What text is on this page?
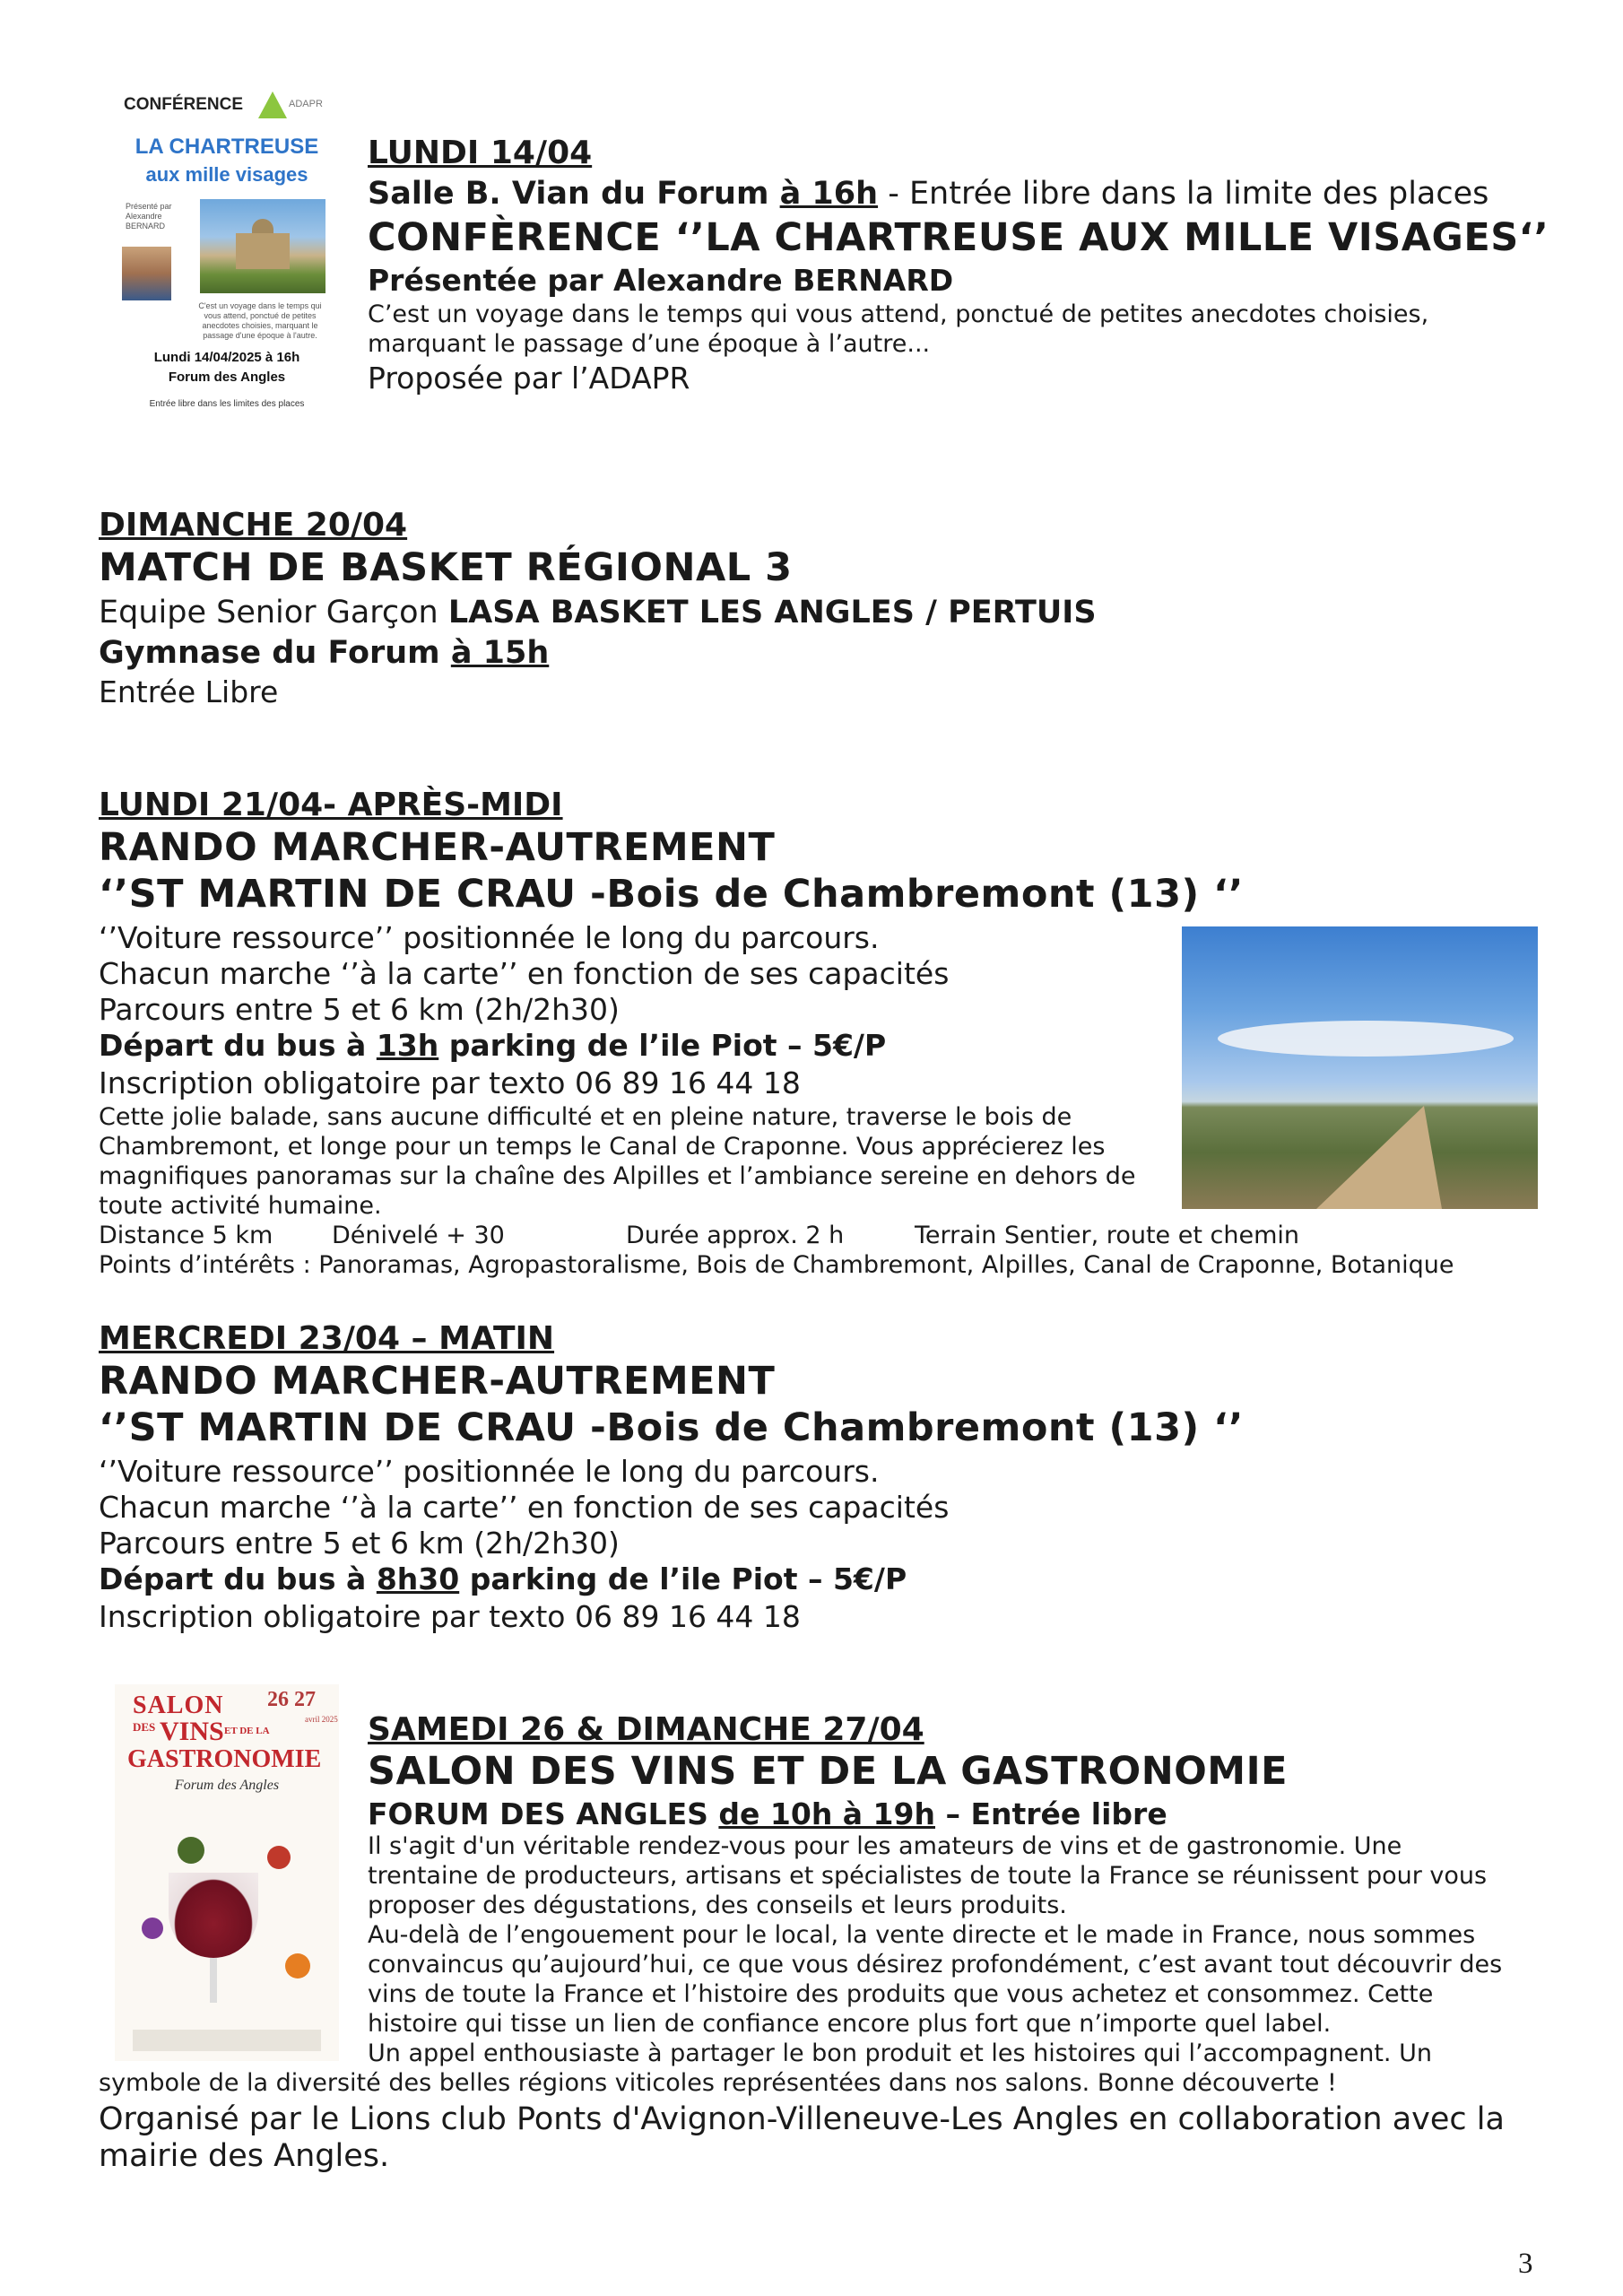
CONFÉRENCE	ADAPR
LA CHARTREUSE
aux mille visages
Présenté par Alexandre BERNARD
C'est un voyage dans le temps qui vous attend, ponctué de petites anecdotes choisies, marquant le passage d'une époque à l'autre.
Lundi 14/04/2025 à 16h
Forum des Angles
Entrée libre dans les limites des places
LUNDI 14/04
Salle B. Vian du Forum à 16h - Entrée libre dans la limite des places
CONFÈRENCE ‘’LA CHARTREUSE AUX MILLE VISAGES‘’
Présentée par Alexandre BERNARD
C’est un voyage dans le temps qui vous attend, ponctué de petites anecdotes choisies,
marquant le passage d’une époque à l’autre...
Proposée par l’ADAPR
DIMANCHE 20/04
MATCH DE BASKET RÉGIONAL 3
Equipe Senior Garçon LASA BASKET LES ANGLES / PERTUIS
Gymnase du Forum à 15h
Entrée Libre
LUNDI 21/04- APRÈS-MIDI
RANDO MARCHER-AUTREMENT
‘’ST MARTIN DE CRAU -Bois de Chambremont (13) ‘’
‘’Voiture ressource’’ positionnée le long du parcours.
Chacun marche ‘’à la carte’’ en fonction de ses capacités
Parcours entre 5 et 6 km (2h/2h30)
Départ du bus à 13h parking de l’ile Piot – 5€/P
Inscription obligatoire par texto 06 89 16 44 18
Cette jolie balade, sans aucune difficulté et en pleine nature, traverse le bois de
Chambremont, et longe pour un temps le Canal de Craponne. Vous apprécierez les
magnifiques panoramas sur la chaîne des Alpilles et l’ambiance sereine en dehors de
toute activité humaine.
Distance 5 km Dénivelé + 30	Durée approx. 2 h	Terrain Sentier, route et chemin
Points d’intérêts : Panoramas, Agropastoralisme, Bois de Chambremont, Alpilles, Canal de Craponne, Botanique
MERCREDI 23/04 – MATIN
RANDO MARCHER-AUTREMENT
‘’ST MARTIN DE CRAU -Bois de Chambremont (13) ‘’
‘’Voiture ressource’’ positionnée le long du parcours.
Chacun marche ‘’à la carte’’ en fonction de ses capacités
Parcours entre 5 et 6 km (2h/2h30)
Départ du bus à 8h30 parking de l’ile Piot – 5€/P
Inscription obligatoire par texto 06 89 16 44 18
SALON
DES VINS ET DE LA
GASTRONOMIE
Forum des Angles
26 27
avril 2025 SAMEDI 26 & DIMANCHE 27/04
SALON DES VINS ET DE LA GASTRONOMIE
FORUM DES ANGLES de 10h à 19h – Entrée libre
Il s'agit d'un véritable rendez-vous pour les amateurs de vins et de gastronomie. Une
trentaine de producteurs, artisans et spécialistes de toute la France se réunissent pour vous
proposer des dégustations, des conseils et leurs produits.
Au-delà de l’engouement pour le local, la vente directe et le made in France, nous sommes
convaincus qu’aujourd’hui, ce que vous désirez profondément, c’est avant tout découvrir des
vins de toute la France et l’histoire des produits que vous achetez et consommez. Cette
histoire qui tisse un lien de confiance encore plus fort que n’importe quel label.
Un appel enthousiaste à partager le bon produit et les histoires qui l’accompagnent. Un
symbole de la diversité des belles régions viticoles représentées dans nos salons. Bonne découverte !
Organisé par le Lions club Ponts d'Avignon-Villeneuve-Les Angles en collaboration avec la
mairie des Angles.
3
